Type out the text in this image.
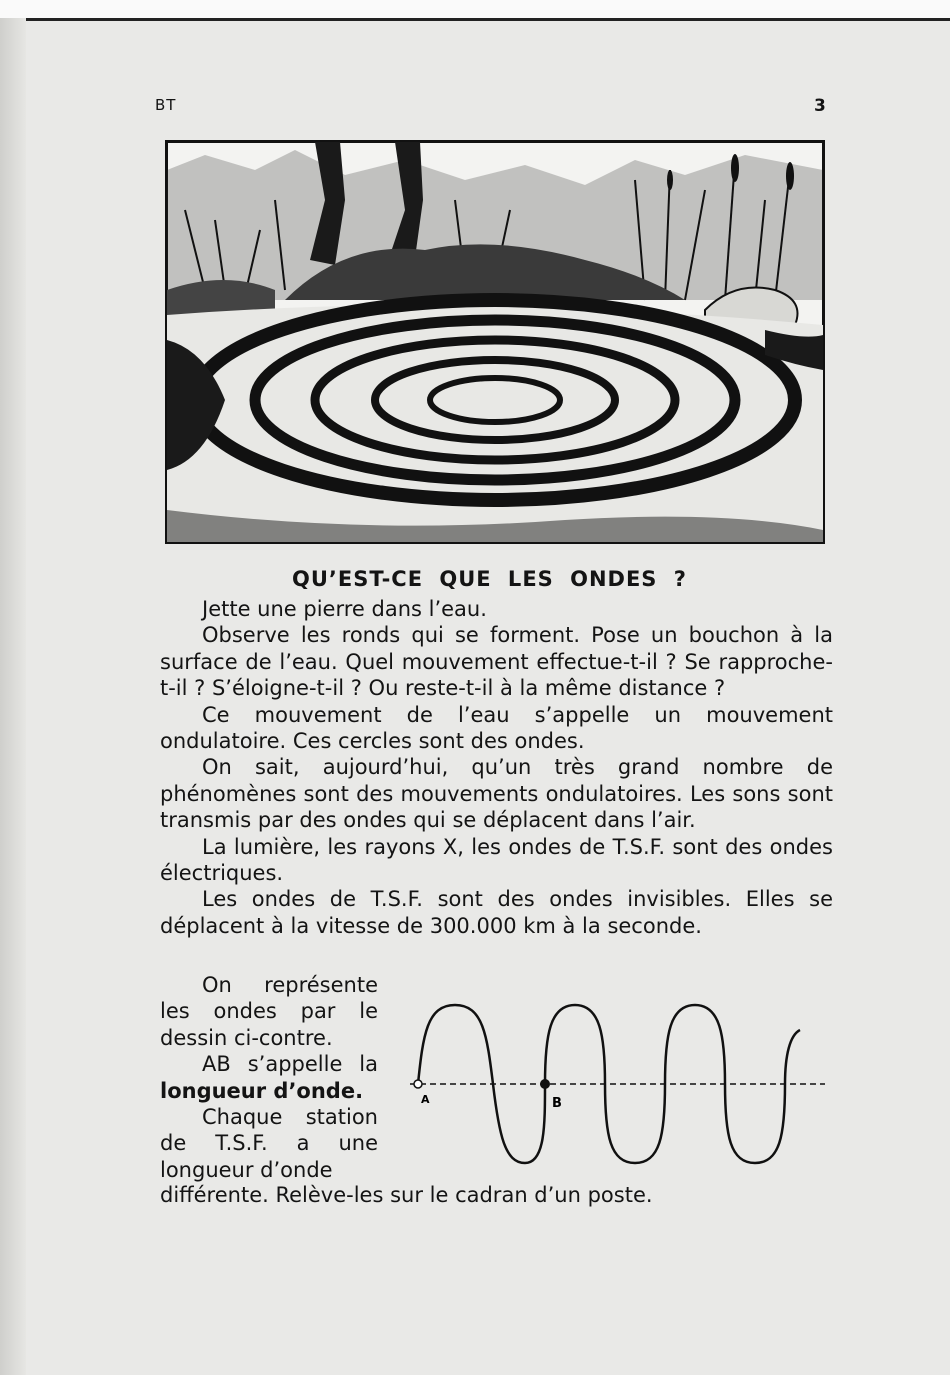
BT	3
QU’EST-CE QUE LES ONDES ?

Jette une pierre dans l’eau.

Observe les ronds qui se forment. Pose un bouchon à la surface de l’eau. Quel mouvement effectue-t-il ? Se rapproche-t-il ? S’éloigne-t-il ? Ou reste-t-il à la même distance ?

Ce mouvement de l’eau s’appelle un mouvement ondulatoire. Ces cercles sont des ondes.

On sait, aujourd’hui, qu’un très grand nombre de phénomènes sont des mouvements ondulatoires. Les sons sont transmis par des ondes qui se déplacent dans l’air.

La lumière, les rayons X, les ondes de T.S.F. sont des ondes électriques.

Les ondes de T.S.F. sont des ondes invisibles. Elles se déplacent à la vitesse de 300.000 km à la seconde.

On représente les ondes par le dessin ci-contre.

AB s’appelle la longueur d’onde.

Chaque station de T.S.F. a une longueur d’onde

différente. Relève-les sur le cadran d’un poste.
A	B
